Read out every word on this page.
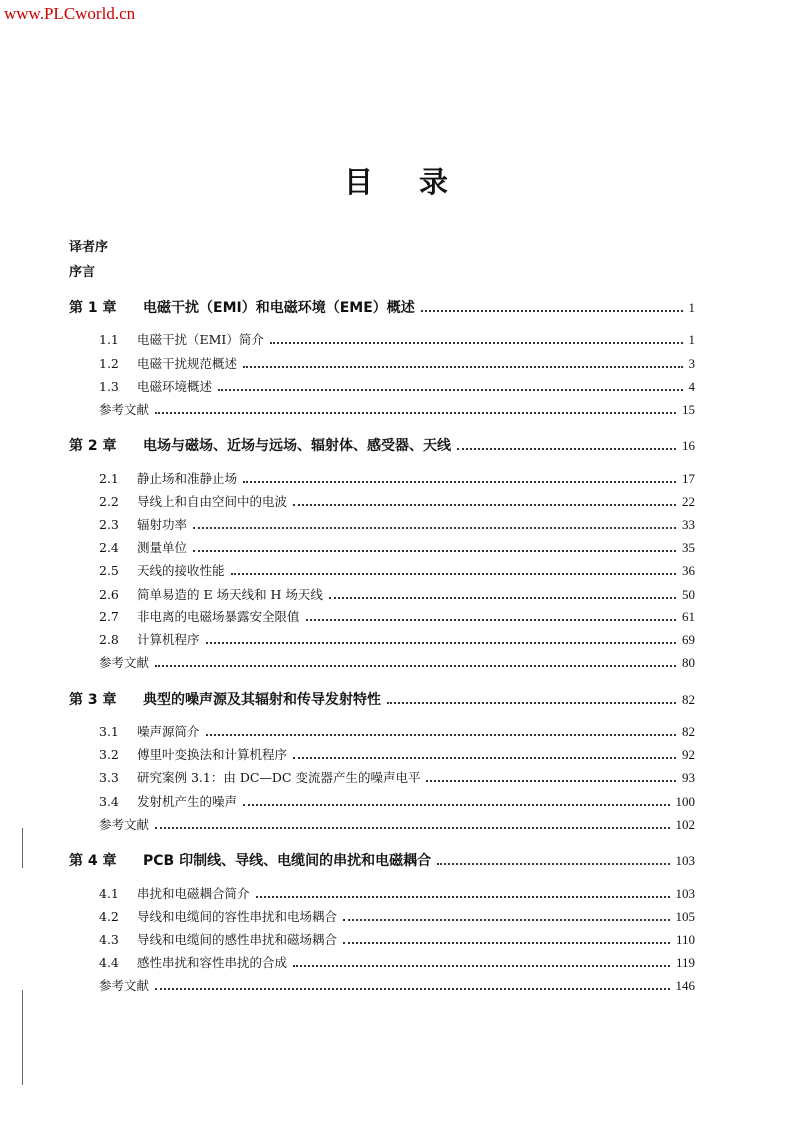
www.PLCworld.cn
目录
译者序
序言
第 1 章	电磁干扰（EMI）和电磁环境（EME）概述	1
1.1	电磁干扰（EMI）简介	1
1.2	电磁干扰规范概述	3
1.3	电磁环境概述	4
参考文献	15
第 2 章	电场与磁场、近场与远场、辐射体、感受器、天线	16
2.1	静止场和准静止场	17
2.2	导线上和自由空间中的电波	22
2.3	辐射功率	33
2.4	测量单位	35
2.5	天线的接收性能	36
2.6	简单易造的 E 场天线和 H 场天线	50
2.7	非电离的电磁场暴露安全限值	61
2.8	计算机程序	69
参考文献	80
第 3 章	典型的噪声源及其辐射和传导发射特性	82
3.1	噪声源简介	82
3.2	傅里叶变换法和计算机程序	92
3.3	研究案例 3.1：由 DC—DC 变流器产生的噪声电平	93
3.4	发射机产生的噪声	100
参考文献	102
第 4 章	PCB 印制线、导线、电缆间的串扰和电磁耦合	103
4.1	串扰和电磁耦合简介	103
4.2	导线和电缆间的容性串扰和电场耦合	105
4.3	导线和电缆间的感性串扰和磁场耦合	110
4.4	感性串扰和容性串扰的合成	119
参考文献	146
